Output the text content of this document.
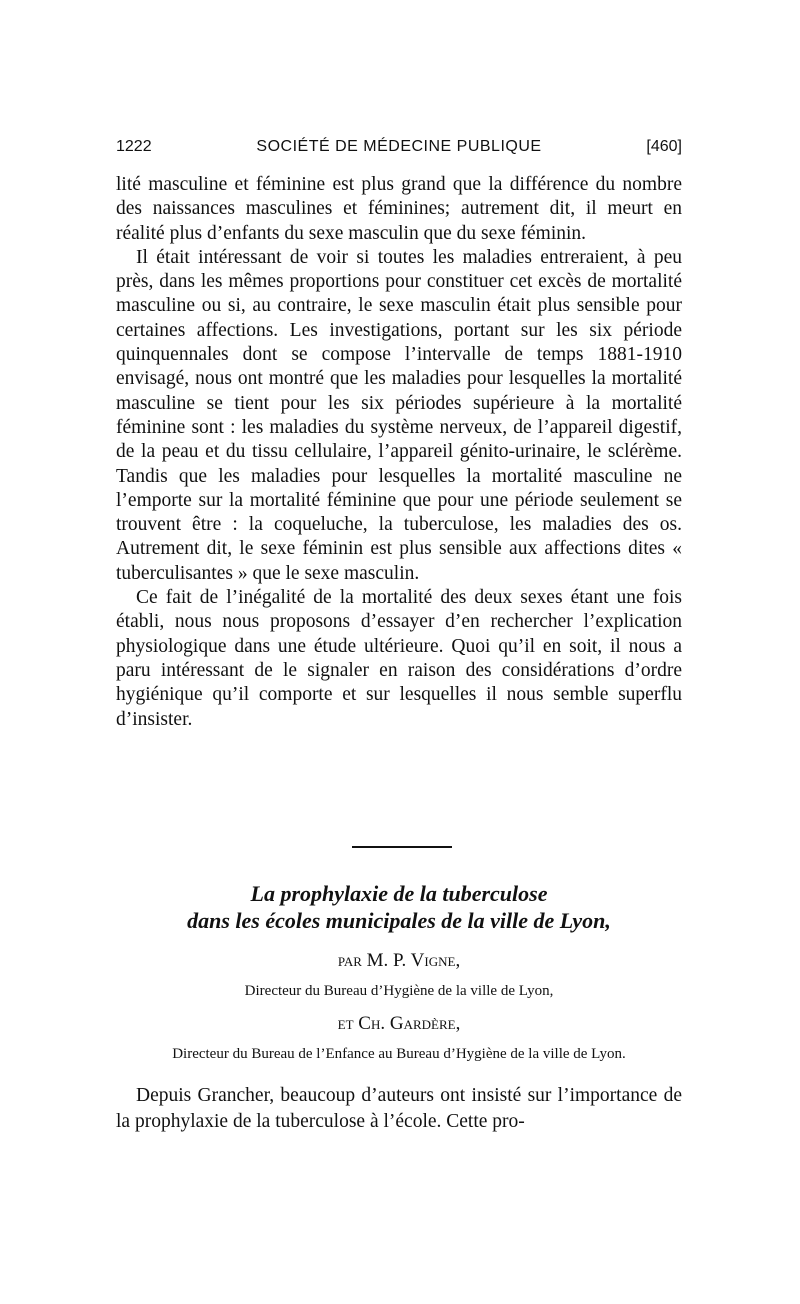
1222	SOCIÉTÉ DE MÉDECINE PUBLIQUE	[460]

lité masculine et féminine est plus grand que la différence du nombre des naissances masculines et féminines; autrement dit, il meurt en réalité plus d’enfants du sexe masculin que du sexe féminin.

Il était intéressant de voir si toutes les maladies entreraient, à peu près, dans les mêmes proportions pour constituer cet excès de mortalité masculine ou si, au contraire, le sexe masculin était plus sensible pour certaines affections. Les investigations, portant sur les six période quinquennales dont se compose l’intervalle de temps 1881-1910 envisagé, nous ont montré que les maladies pour lesquelles la mortalité masculine se tient pour les six périodes supérieure à la mortalité féminine sont : les maladies du système nerveux, de l’appareil digestif, de la peau et du tissu cellulaire, l’appareil génito-urinaire, le sclérème. Tandis que les maladies pour lesquelles la mortalité masculine ne l’emporte sur la mortalité féminine que pour une période seulement se trouvent être : la coqueluche, la tuberculose, les maladies des os. Autrement dit, le sexe féminin est plus sensible aux affections dites « tuberculisantes » que le sexe masculin.

Ce fait de l’inégalité de la mortalité des deux sexes étant une fois établi, nous nous proposons d’essayer d’en rechercher l’explication physiologique dans une étude ultérieure. Quoi qu’il en soit, il nous a paru intéressant de le signaler en raison des considérations d’ordre hygiénique qu’il comporte et sur lesquelles il nous semble superflu d’insister.

La prophylaxie de la tuberculose
dans les écoles municipales de la ville de Lyon,
par M. P. Vigne,
Directeur du Bureau d’Hygiène de la ville de Lyon,
et Ch. Gardère,
Directeur du Bureau de l’Enfance au Bureau d’Hygiène de la ville de Lyon.

Depuis Grancher, beaucoup d’auteurs ont insisté sur l’importance de la prophylaxie de la tuberculose à l’école. Cette pro-
